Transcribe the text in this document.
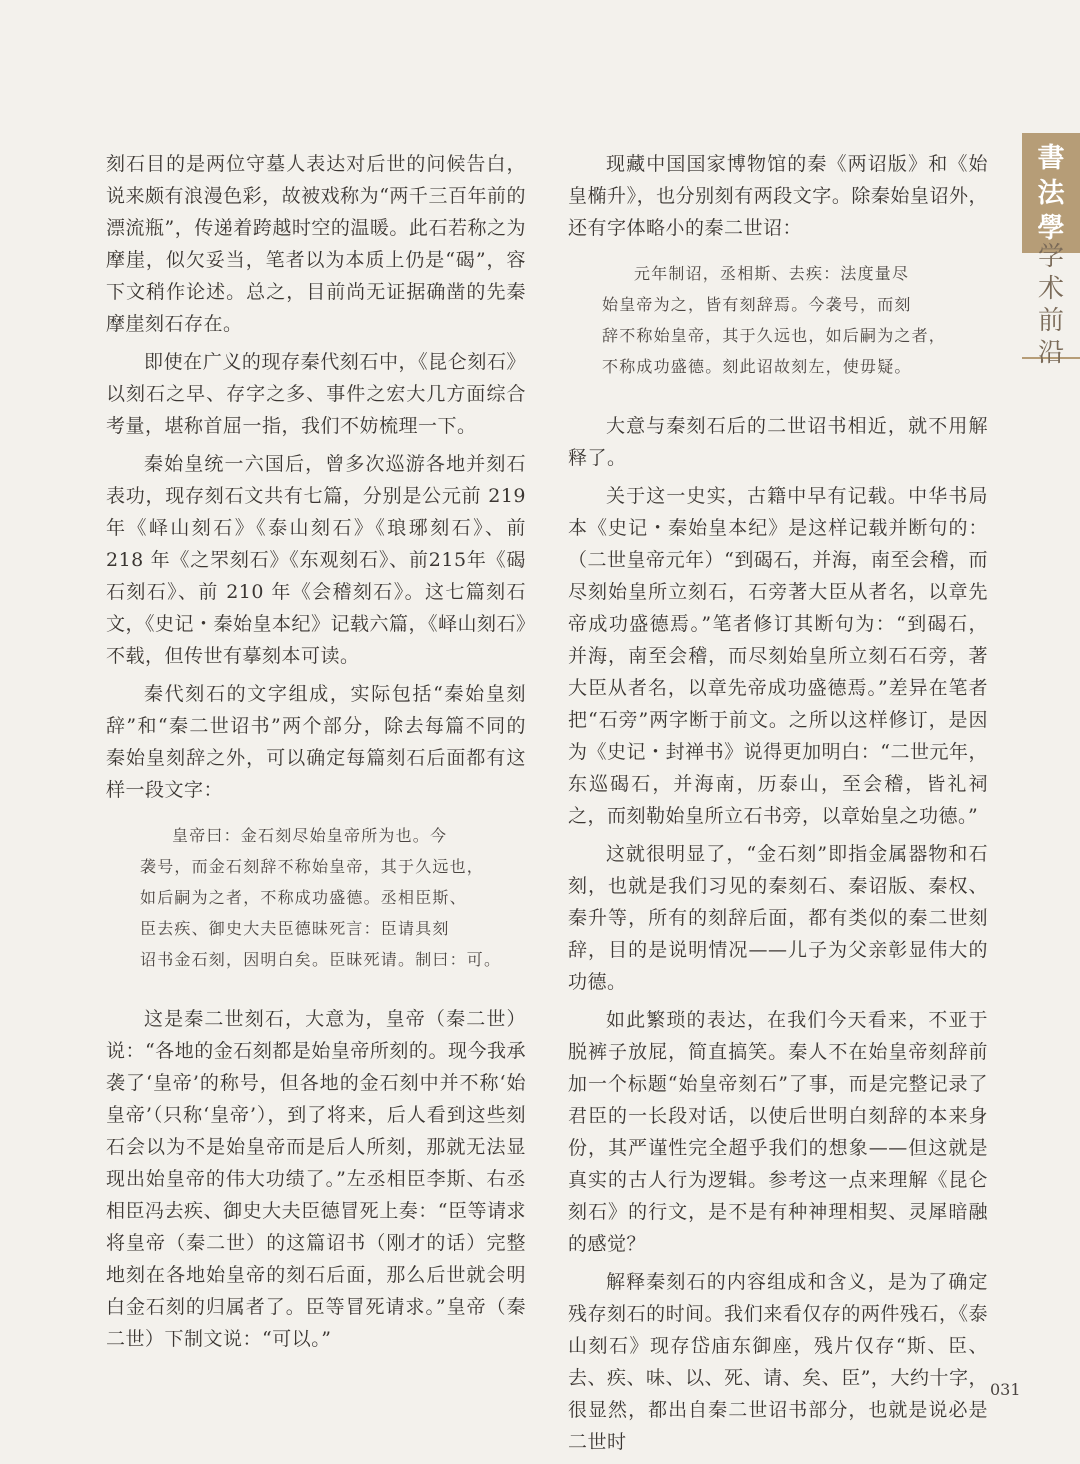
刻石目的是两位守墓人表达对后世的问候告白，说来颇有浪漫色彩，故被戏称为“两千三百年前的漂流瓶”，传递着跨越时空的温暖。此石若称之为摩崖，似欠妥当，笔者以为本质上仍是“碣”，容下文稍作论述。总之，目前尚无证据确凿的先秦摩崖刻石存在。

即使在广义的现存秦代刻石中，《昆仑刻石》以刻石之早、存字之多、事件之宏大几方面综合考量，堪称首屈一指，我们不妨梳理一下。

秦始皇统一六国后，曾多次巡游各地并刻石表功，现存刻石文共有七篇，分别是公元前 219 年《峄山刻石》《泰山刻石》《琅琊刻石》、前 218 年《之罘刻石》《东观刻石》、前215年《碣石刻石》、前 210 年《会稽刻石》。这七篇刻石文，《史记・秦始皇本纪》记载六篇，《峄山刻石》不载，但传世有摹刻本可读。

秦代刻石的文字组成，实际包括“秦始皇刻辞”和“秦二世诏书”两个部分，除去每篇不同的秦始皇刻辞之外，可以确定每篇刻石后面都有这样一段文字：

皇帝曰：金石刻尽始皇帝所为也。今
袭号，而金石刻辞不称始皇帝，其于久远也，
如后嗣为之者，不称成功盛德。丞相臣斯、
臣去疾、御史大夫臣德昧死言：臣请具刻
诏书金石刻，因明白矣。臣昧死请。制曰：可。

这是秦二世刻石，大意为，皇帝（秦二世）说：“各地的金石刻都是始皇帝所刻的。现今我承袭了‘皇帝’的称号，但各地的金石刻中并不称‘始皇帝’（只称‘皇帝’），到了将来，后人看到这些刻石会以为不是始皇帝而是后人所刻，那就无法显现出始皇帝的伟大功绩了。”左丞相臣李斯、右丞相臣冯去疾、御史大夫臣德冒死上奏：“臣等请求将皇帝（秦二世）的这篇诏书（刚才的话）完整地刻在各地始皇帝的刻石后面，那么后世就会明白金石刻的归属者了。臣等冒死请求。”皇帝（秦二世）下制文说：“可以。”

现藏中国国家博物馆的秦《两诏版》和《始皇椭升》，也分别刻有两段文字。除秦始皇诏外，还有字体略小的秦二世诏：

元年制诏，丞相斯、去疾：法度量尽
始皇帝为之，皆有刻辞焉。今袭号，而刻
辞不称始皇帝，其于久远也，如后嗣为之者，
不称成功盛德。刻此诏故刻左，使毋疑。

大意与秦刻石后的二世诏书相近，就不用解释了。

关于这一史实，古籍中早有记载。中华书局本《史记・秦始皇本纪》是这样记载并断句的：（二世皇帝元年）“到碣石，并海，南至会稽，而尽刻始皇所立刻石，石旁著大臣从者名，以章先帝成功盛德焉。”笔者修订其断句为：“到碣石，并海，南至会稽，而尽刻始皇所立刻石石旁，著大臣从者名，以章先帝成功盛德焉。”差异在笔者把“石旁”两字断于前文。之所以这样修订，是因为《史记・封禅书》说得更加明白：“二世元年，东巡碣石，并海南，历泰山，至会稽，皆礼祠之，而刻勒始皇所立石书旁，以章始皇之功德。”

这就很明显了，“金石刻”即指金属器物和石刻，也就是我们习见的秦刻石、秦诏版、秦权、秦升等，所有的刻辞后面，都有类似的秦二世刻辞，目的是说明情况——儿子为父亲彰显伟大的功德。

如此繁琐的表达，在我们今天看来，不亚于脱裤子放屁，简直搞笑。秦人不在始皇帝刻辞前加一个标题“始皇帝刻石”了事，而是完整记录了君臣的一长段对话，以使后世明白刻辞的本来身份，其严谨性完全超乎我们的想象——但这就是真实的古人行为逻辑。参考这一点来理解《昆仑刻石》的行文，是不是有种神理相契、灵犀暗融的感觉？

解释秦刻石的内容组成和含义，是为了确定残存刻石的时间。我们来看仅存的两件残石，《泰山刻石》现存岱庙东御座，残片仅存“斯、臣、去、疾、味、以、死、请、矣、臣”，大约十字，很显然，都出自秦二世诏书部分，也就是说必是二世时

書
法
學
学
术
前
沿
031
